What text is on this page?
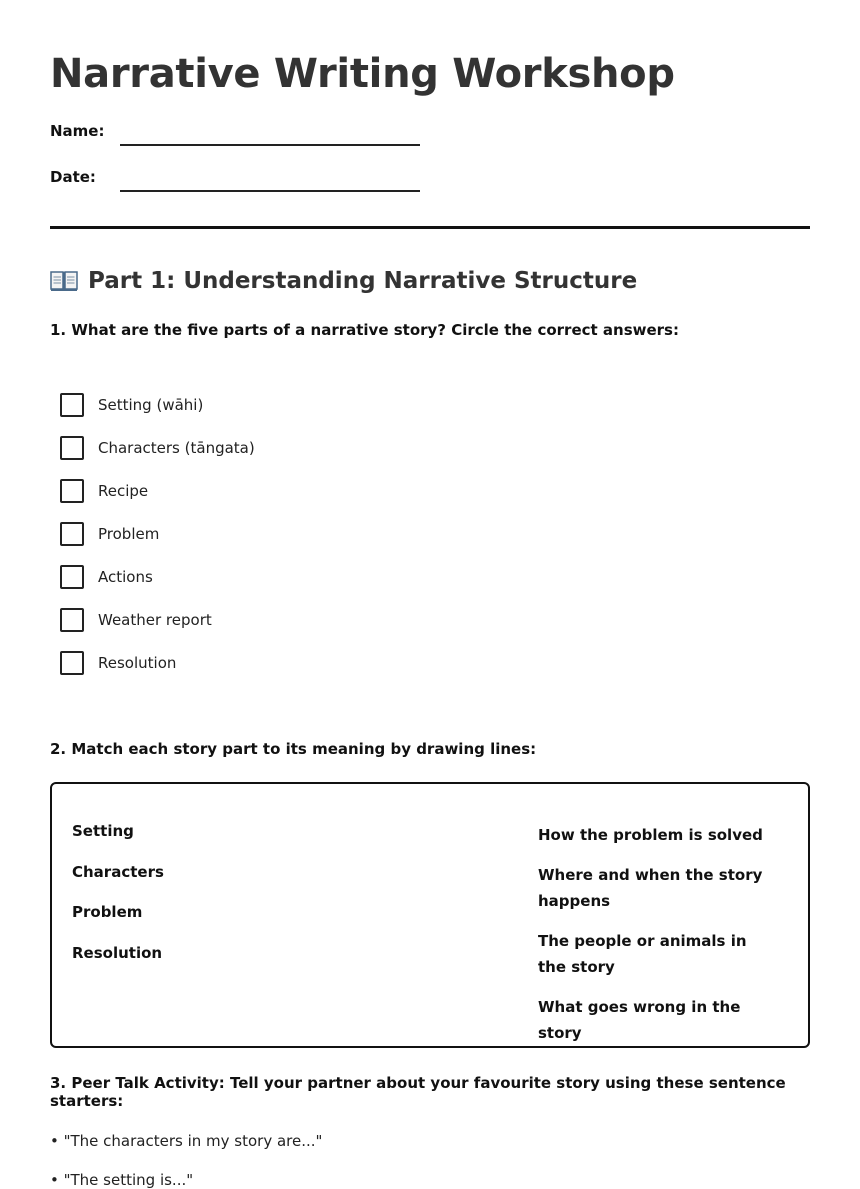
Narrative Writing Workshop
Name:
Date:
Part 1: Understanding Narrative Structure
1. What are the five parts of a narrative story? Circle the correct answers:
Setting (wāhi)
Characters (tāngata)
Recipe
Problem
Actions
Weather report
Resolution
2. Match each story part to its meaning by drawing lines:
Setting
Characters
Problem
Resolution
How the problem is solved
Where and when the story happens
The people or animals in the story
What goes wrong in the story
3. Peer Talk Activity: Tell your partner about your favourite story using these sentence starters:
• "The characters in my story are..."
• "The setting is..."
